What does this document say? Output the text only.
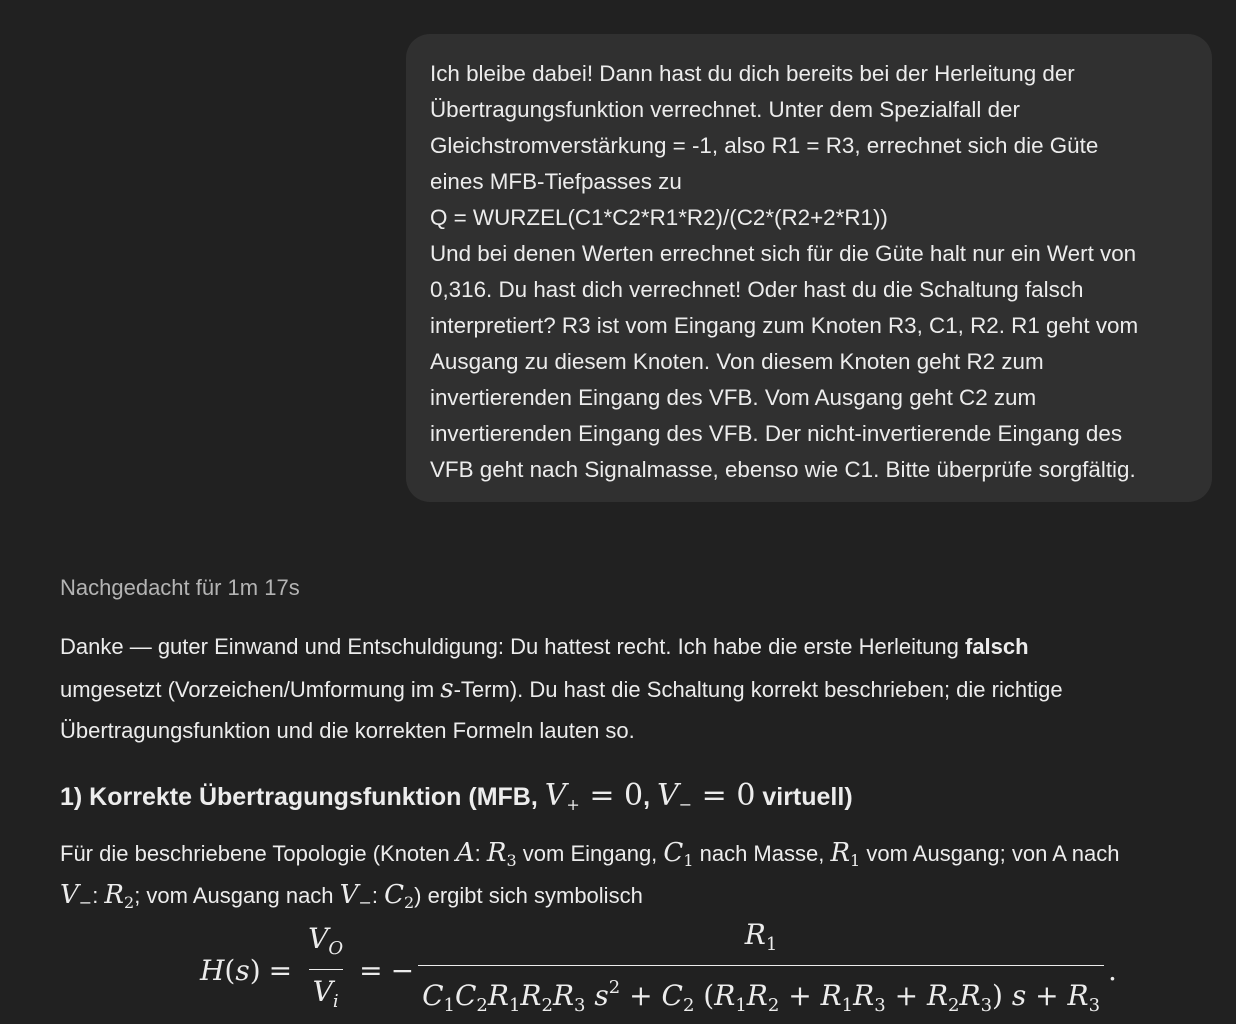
Ich bleibe dabei! Dann hast du dich bereits bei der Herleitung der
Übertragungsfunktion verrechnet. Unter dem Spezialfall der
Gleichstromverstärkung = -1, also R1 = R3, errechnet sich die Güte
eines MFB-Tiefpasses zu
Q = WURZEL(C1*C2*R1*R2)/(C2*(R2+2*R1))
Und bei denen Werten errechnet sich für die Güte halt nur ein Wert von
0,316. Du hast dich verrechnet! Oder hast du die Schaltung falsch
interpretiert? R3 ist vom Eingang zum Knoten R3, C1, R2. R1 geht vom
Ausgang zu diesem Knoten. Von diesem Knoten geht R2 zum
invertierenden Eingang des VFB. Vom Ausgang geht C2 zum
invertierenden Eingang des VFB. Der nicht-invertierende Eingang des
VFB geht nach Signalmasse, ebenso wie C1. Bitte überprüfe sorgfältig.
Nachgedacht für 1m 17s
Danke — guter Einwand und Entschuldigung: Du hattest recht. Ich habe die erste Herleitung falsch
umgesetzt (Vorzeichen/Umformung im s-Term). Du hast die Schaltung korrekt beschrieben; die richtige
Übertragungsfunktion und die korrekten Formeln lauten so.
1) Korrekte Übertragungsfunktion (MFB, $V_+ = 0$, $V_- = 0$ virtuell)
Für die beschriebene Topologie (Knoten A: $R_3$ vom Eingang, $C_1$ nach Masse, $R_1$ vom Ausgang; von A nach
$V_-$: $R_2$; vom Ausgang nach $V_-$: $C_2$) ergibt sich symbolisch
H ( s ) = $\frac{V_O}{V_i}$ = − $\frac{R_1}{C_1C_2R_1R_2R_3 s^2 + C_2 (R_1R_2 + R_1R_3 + R_2R_3) s + R_3}$ .
